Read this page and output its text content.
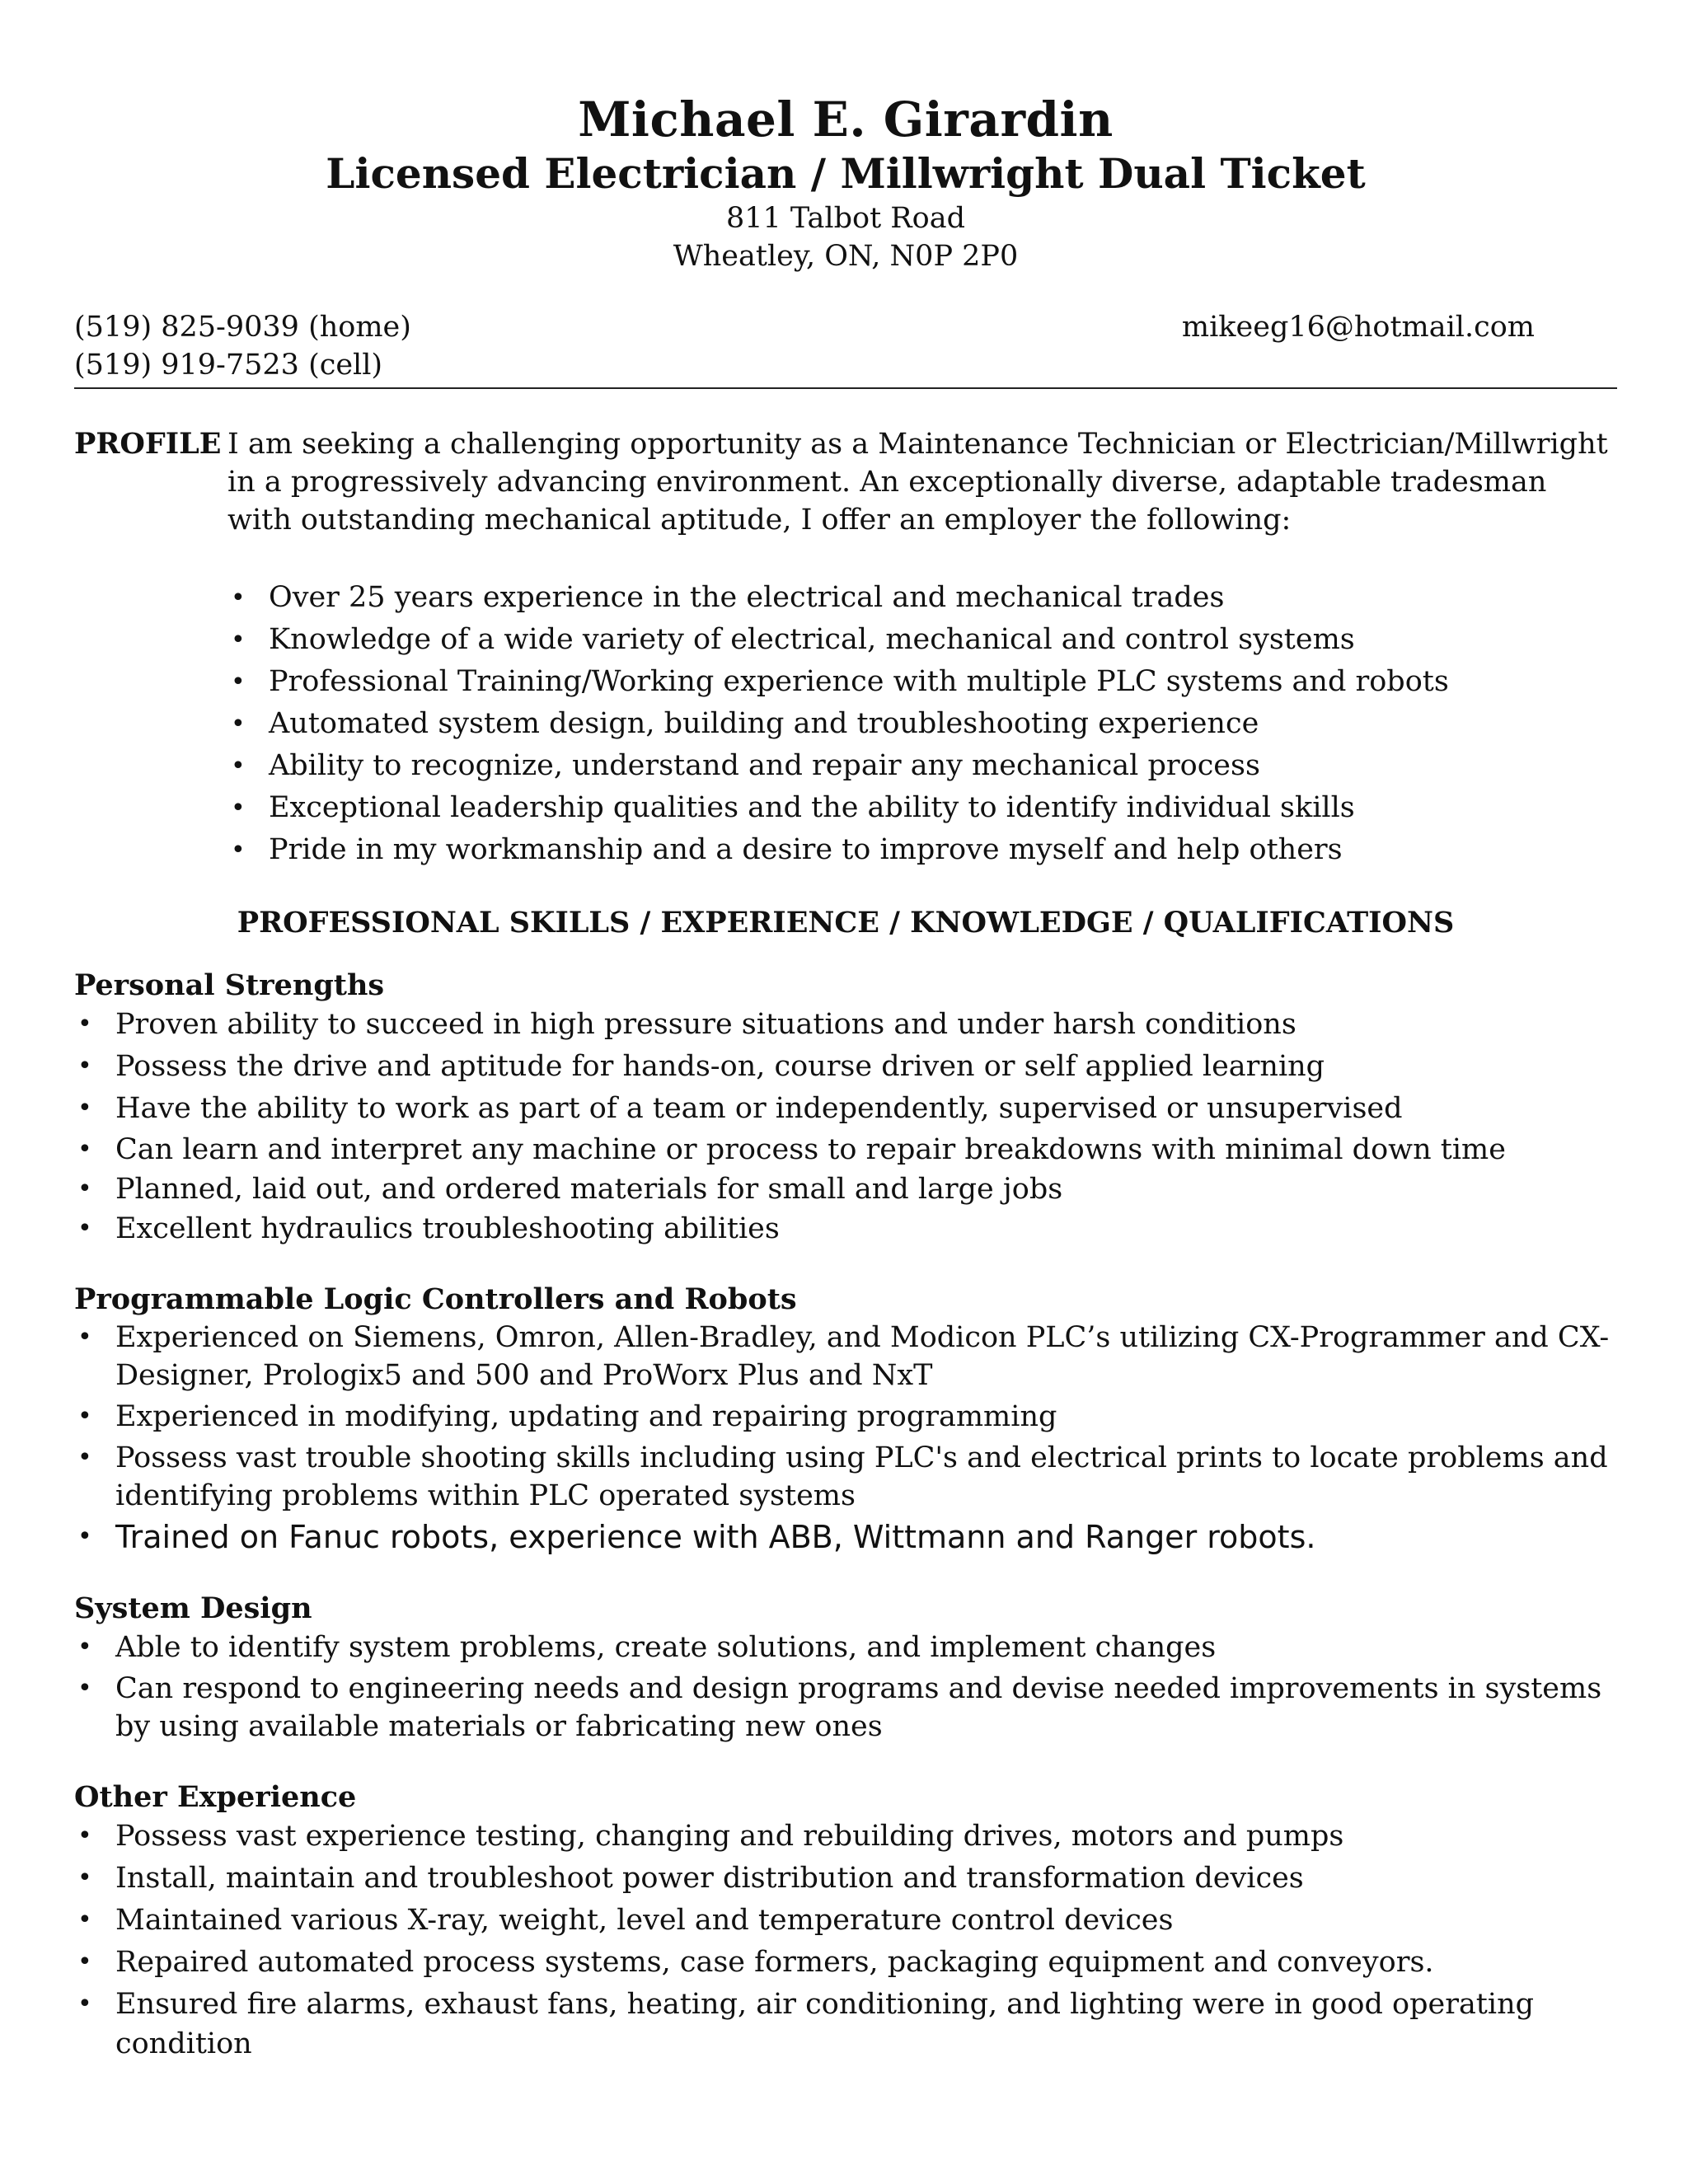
Michael E. Girardin
Licensed Electrician / Millwright Dual Ticket

811 Talbot Road

Wheatley, ON, N0P 2P0

(519) 825-9039 (home)
(519) 919-7523 (cell)
mikeeg16@hotmail.com
PROFILE I am seeking a challenging opportunity as a Maintenance Technician or Electrician/Millwright in a progressively advancing environment. An exceptionally diverse, adaptable tradesman with outstanding mechanical aptitude, I offer an employer the following:
• Over 25 years experience in the electrical and mechanical trades
• Knowledge of a wide variety of electrical, mechanical and control systems
• Professional Training/Working experience with multiple PLC systems and robots
• Automated system design, building and troubleshooting experience
• Ability to recognize, understand and repair any mechanical process
• Exceptional leadership qualities and the ability to identify individual skills
• Pride in my workmanship and a desire to improve myself and help others
PROFESSIONAL SKILLS / EXPERIENCE / KNOWLEDGE / QUALIFICATIONS
Personal Strengths
• Proven ability to succeed in high pressure situations and under harsh conditions
• Possess the drive and aptitude for hands-on, course driven or self applied learning
• Have the ability to work as part of a team or independently, supervised or unsupervised
• Can learn and interpret any machine or process to repair breakdowns with minimal down time
• Planned, laid out, and ordered materials for small and large jobs
• Excellent hydraulics troubleshooting abilities
Programmable Logic Controllers and Robots
• Experienced on Siemens, Omron, Allen-Bradley, and Modicon PLC’s utilizing CX-Programmer and CX-Designer, Prologix5 and 500 and ProWorx Plus and NxT
• Experienced in modifying, updating and repairing programming
• Possess vast trouble shooting skills including using PLC's and electrical prints to locate problems and identifying problems within PLC operated systems
• Trained on Fanuc robots, experience with ABB, Wittmann and Ranger robots.
System Design
• Able to identify system problems, create solutions, and implement changes
• Can respond to engineering needs and design programs and devise needed improvements in systems by using available materials or fabricating new ones
Other Experience
• Possess vast experience testing, changing and rebuilding drives, motors and pumps
• Install, maintain and troubleshoot power distribution and transformation devices
• Maintained various X-ray, weight, level and temperature control devices
• Repaired automated process systems, case formers, packaging equipment and conveyors.
• Ensured fire alarms, exhaust fans, heating, air conditioning, and lighting were in good operating condition
